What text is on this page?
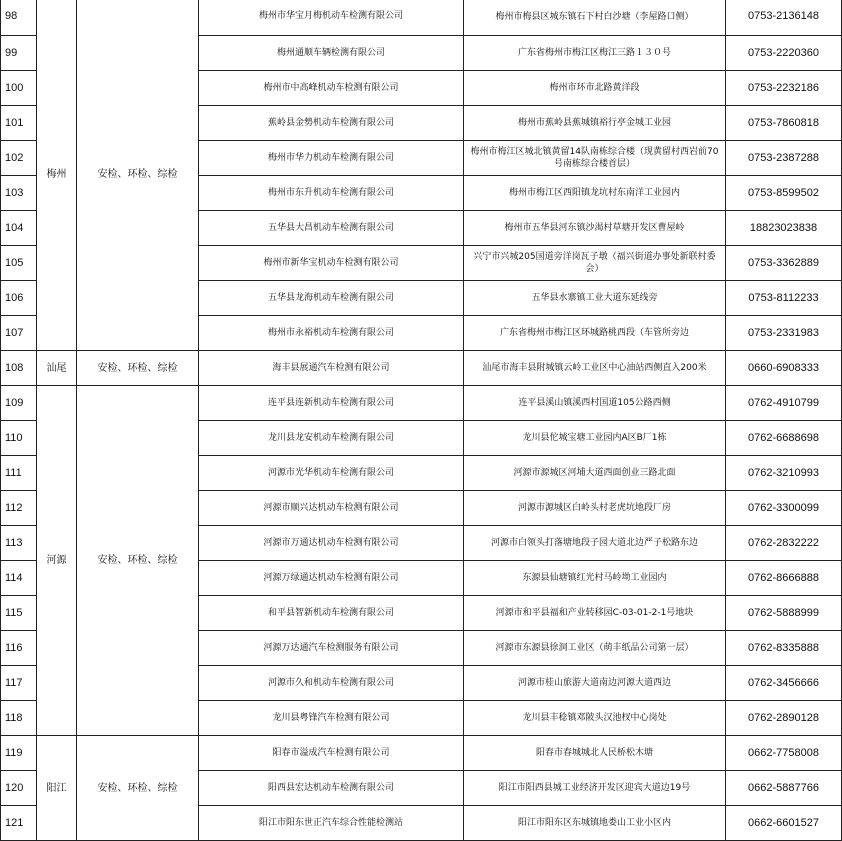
98	梅州	安检、环检、综检	梅州市华宝月梅机动车检测有限公司	梅州市梅县区城东镇石下村白沙塘（李屋路口侧）	0753-2136148
99			梅州通顺车辆检测有限公司	广东省梅州市梅江区梅江三路１３０号	0753-2220360
100			梅州市中高峰机动车检测有限公司	梅州市环市北路黄洋段	0753-2232186
101			蕉岭县金勢机动车检测有限公司	梅州市蕉岭县蕉城镇裕行亭金城工业园	0753-7860818
102			梅州市华力机动车检测有限公司	梅州市梅江区城北镇黄留14队南栋综合楼（现黄留村西岩前70号南栋综合楼首层）	0753-2387288
103			梅州市东升机动车检测有限公司	梅州市梅江区西阳镇龙坑村东南洋工业园内	0753-8599502
104			五华县大昌机动车检测有限公司	梅州市五华县河东镇沙渴村草塘开发区曹屋岭	18823023838
105			梅州市新华宝机动车检测有限公司	兴宁市兴城205国道旁洋岗瓦子墩（福兴街道办事处新联村委会）	0753-3362889
106			五华县龙海机动车检测有限公司	五华县水寨镇工业大道东延线旁	0753-8112233
107			梅州市永裕机动车检测有限公司	广东省梅州市梅江区环城路桃西段（车管所旁边	0753-2331983
108	汕尾	安检、环检、综检	海丰县展通汽车检测有限公司	汕尾市海丰县附城镇云岭工业区中心油站西侧直入200米	0660-6908333
109	河源	安检、环检、综检	连平县连新机动车检测有限公司	连平县溪山镇溪西村国道105公路西侧	0762-4910799
110			龙川县龙安机动车检测有限公司	龙川县佗城宝塘工业园内A区B厂1栋	0762-6688698
111			河源市光华机动车检测有限公司	河源市源城区河埔大道西面创业三路北面	0762-3210993
112			河源市顺兴达机动车检测有限公司	河源市源城区白岭头村老虎坑地段厂房	0762-3300099
113			河源市万通达机动车检测有限公司	河源市白领头打落塘地段子园大道北边严子松路东边	0762-2832222
114			河源万绿通达机动车检测有限公司	东源县仙塘镇红光村马岭坳工业园内	0762-8666888
115			和平县智新机动车检测有限公司	河源市和平县福和产业转移园C-03-01-2-1号地块	0762-5888999
116			河源万达通汽车检测服务有限公司	河源市东源县徐洞工业区（萌丰纸品公司第一层）	0762-8335888
117			河源市久和机动车检测有限公司	河源市桂山旅游大道南边河源大道西边	0762-3456666
118			龙川县粤锋汽车检测有限公司	龙川县丰稔镇邓陂头汉池杈中心岗处	0762-2890128
119	阳江	安检、环检、综检	阳春市溢成汽车检测有限公司	阳春市春城城北人民桥松木塘	0662-7758008
120			阳西县宏达机动车检测有限公司	阳江市阳西县城工业经济开发区迎宾大道边19号	0662-5887766
121			阳江市阳东世正汽车综合性能检测站	阳江市阳东区东城镇地娄山工业小区内	0662-6601527
